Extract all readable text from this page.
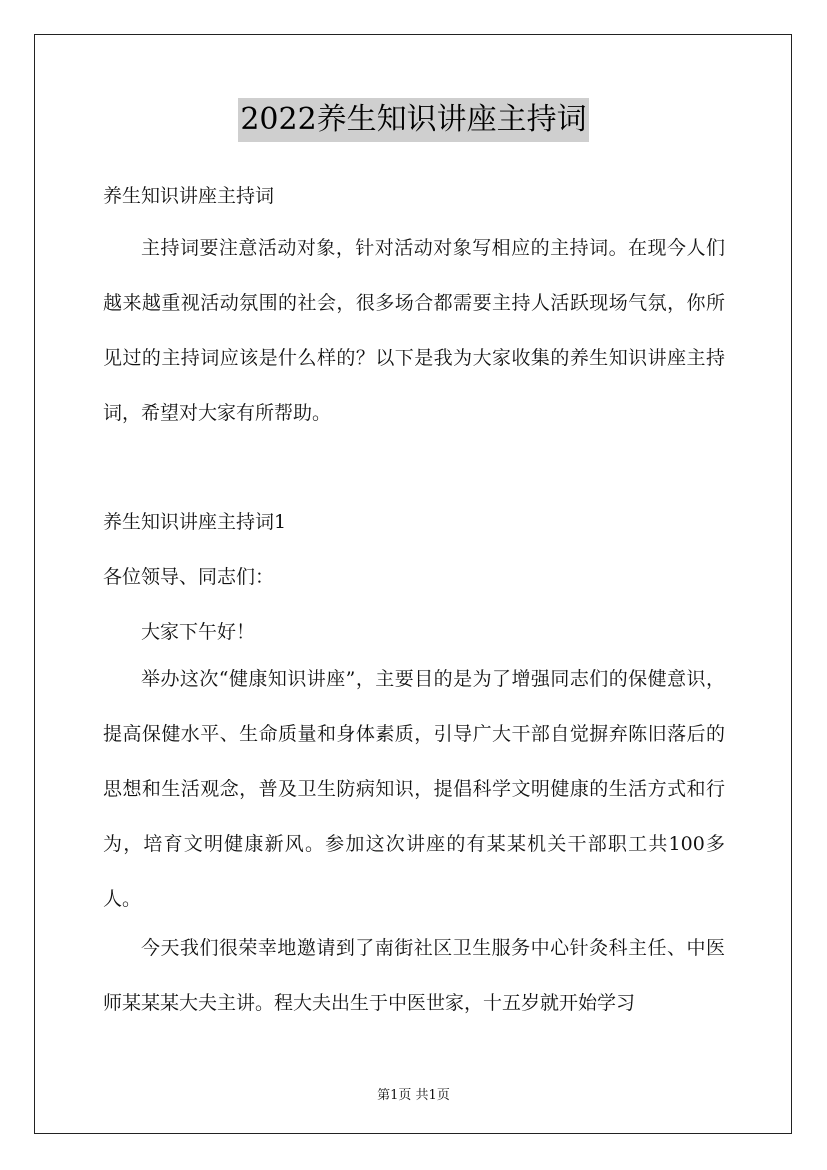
2022养生知识讲座主持词
养生知识讲座主持词

主持词要注意活动对象，针对活动对象写相应的主持词。在现今人们越来越重视活动氛围的社会，很多场合都需要主持人活跃现场气氛，你所见过的主持词应该是什么样的？以下是我为大家收集的养生知识讲座主持词，希望对大家有所帮助。

养生知识讲座主持词1
各位领导、同志们：
大家下午好！

举办这次“健康知识讲座”，主要目的是为了增强同志们的保健意识，提高保健水平、生命质量和身体素质，引导广大干部自觉摒弃陈旧落后的思想和生活观念，普及卫生防病知识，提倡科学文明健康的生活方式和行为，培育文明健康新风。参加这次讲座的有某某机关干部职工共100多人。

今天我们很荣幸地邀请到了南街社区卫生服务中心针灸科主任、中医师某某某大夫主讲。程大夫出生于中医世家，十五岁就开始学习

第1页 共1页
